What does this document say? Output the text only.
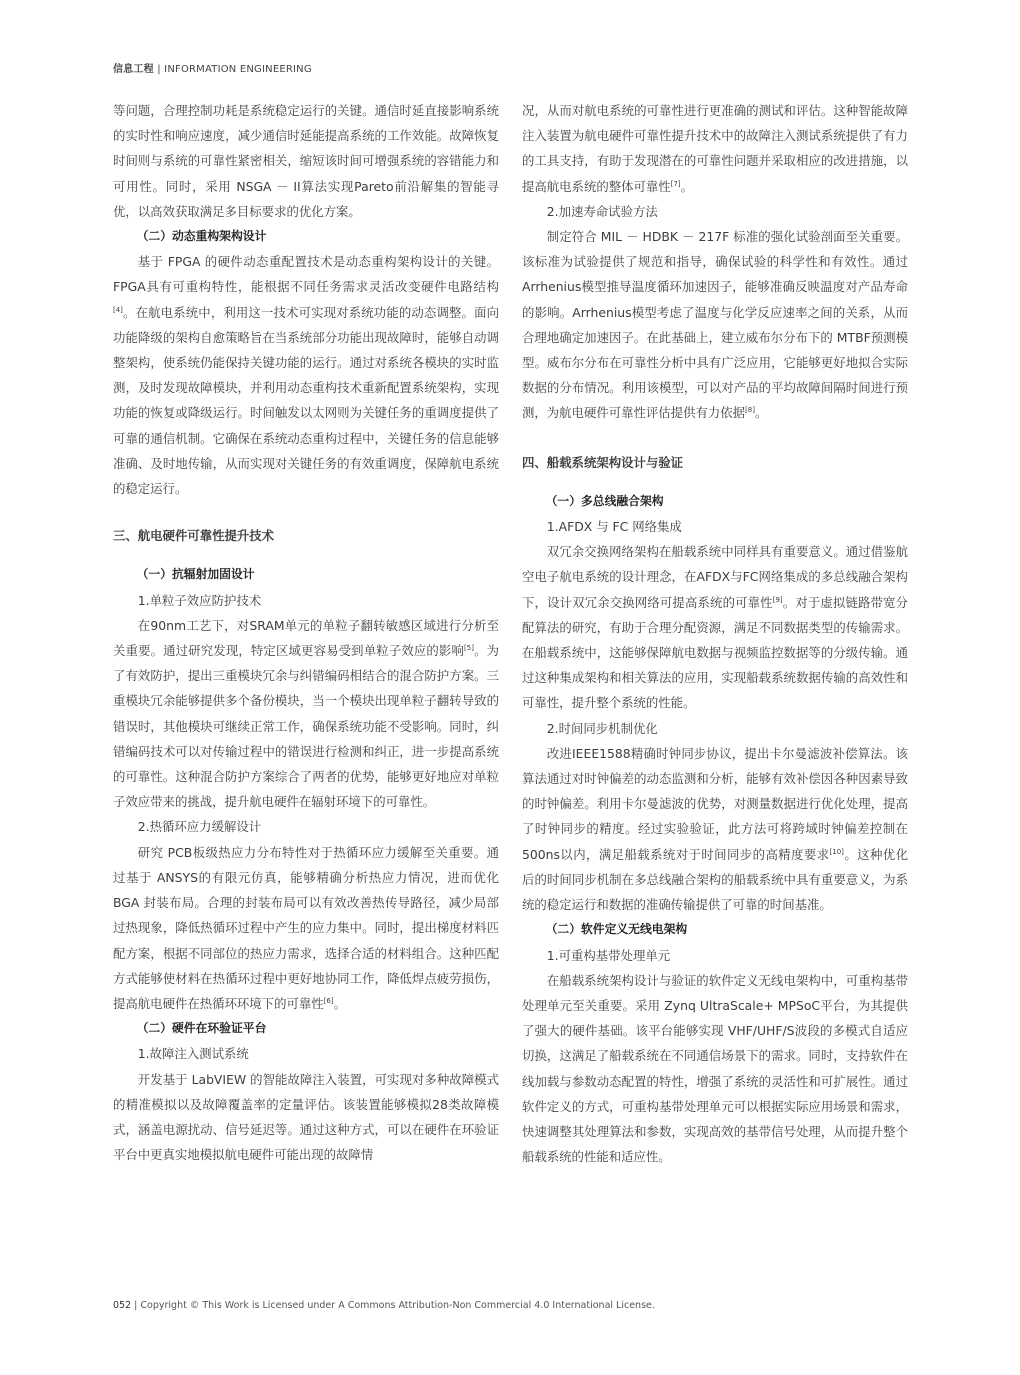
信息工程 | INFORMATION ENGINEERING

等问题，合理控制功耗是系统稳定运行的关键。通信时延直接影响系统的实时性和响应速度，减少通信时延能提高系统的工作效能。故障恢复时间则与系统的可靠性紧密相关，缩短该时间可增强系统的容错能力和可用性。同时，采用 NSGA － II算法实现Pareto前沿解集的智能寻优，以高效获取满足多目标要求的优化方案。

（二）动态重构架构设计

基于 FPGA 的硬件动态重配置技术是动态重构架构设计的关键。FPGA具有可重构特性，能根据不同任务需求灵活改变硬件电路结构[4]。在航电系统中，利用这一技术可实现对系统功能的动态调整。面向功能降级的架构自愈策略旨在当系统部分功能出现故障时，能够自动调整架构，使系统仍能保持关键功能的运行。通过对系统各模块的实时监测，及时发现故障模块，并利用动态重构技术重新配置系统架构，实现功能的恢复或降级运行。时间触发以太网则为关键任务的重调度提供了可靠的通信机制。它确保在系统动态重构过程中，关键任务的信息能够准确、及时地传输，从而实现对关键任务的有效重调度，保障航电系统的稳定运行。

三、航电硬件可靠性提升技术

（一）抗辐射加固设计

1.单粒子效应防护技术

在90nm工艺下，对SRAM单元的单粒子翻转敏感区域进行分析至关重要。通过研究发现，特定区域更容易受到单粒子效应的影响[5]。为了有效防护，提出三重模块冗余与纠错编码相结合的混合防护方案。三重模块冗余能够提供多个备份模块，当一个模块出现单粒子翻转导致的错误时，其他模块可继续正常工作，确保系统功能不受影响。同时，纠错编码技术可以对传输过程中的错误进行检测和纠正，进一步提高系统的可靠性。这种混合防护方案综合了两者的优势，能够更好地应对单粒子效应带来的挑战，提升航电硬件在辐射环境下的可靠性。

2.热循环应力缓解设计

研究 PCB板级热应力分布特性对于热循环应力缓解至关重要。通过基于 ANSYS的有限元仿真，能够精确分析热应力情况，进而优化 BGA 封装布局。合理的封装布局可以有效改善热传导路径，减少局部过热现象，降低热循环过程中产生的应力集中。同时，提出梯度材料匹配方案，根据不同部位的热应力需求，选择合适的材料组合。这种匹配方式能够使材料在热循环过程中更好地协同工作，降低焊点疲劳损伤，提高航电硬件在热循环环境下的可靠性[6]。

（二）硬件在环验证平台

1.故障注入测试系统

开发基于 LabVIEW 的智能故障注入装置，可实现对多种故障模式的精准模拟以及故障覆盖率的定量评估。该装置能够模拟28类故障模式，涵盖电源扰动、信号延迟等。通过这种方式，可以在硬件在环验证平台中更真实地模拟航电硬件可能出现的故障情

况，从而对航电系统的可靠性进行更准确的测试和评估。这种智能故障注入装置为航电硬件可靠性提升技术中的故障注入测试系统提供了有力的工具支持，有助于发现潜在的可靠性问题并采取相应的改进措施，以提高航电系统的整体可靠性[7]。

2.加速寿命试验方法

制定符合 MIL － HDBK － 217F 标准的强化试验剖面至关重要。该标准为试验提供了规范和指导，确保试验的科学性和有效性。通过 Arrhenius模型推导温度循环加速因子，能够准确反映温度对产品寿命的影响。Arrhenius模型考虑了温度与化学反应速率之间的关系，从而合理地确定加速因子。在此基础上，建立威布尔分布下的 MTBF预测模型。威布尔分布在可靠性分析中具有广泛应用，它能够更好地拟合实际数据的分布情况。利用该模型，可以对产品的平均故障间隔时间进行预测，为航电硬件可靠性评估提供有力依据[8]。

四、船载系统架构设计与验证

（一）多总线融合架构

1.AFDX 与 FC 网络集成

双冗余交换网络架构在船载系统中同样具有重要意义。通过借鉴航空电子航电系统的设计理念，在AFDX与FC网络集成的多总线融合架构下，设计双冗余交换网络可提高系统的可靠性[9]。对于虚拟链路带宽分配算法的研究，有助于合理分配资源，满足不同数据类型的传输需求。在船载系统中，这能够保障航电数据与视频监控数据等的分级传输。通过这种集成架构和相关算法的应用，实现船载系统数据传输的高效性和可靠性，提升整个系统的性能。

2.时间同步机制优化

改进IEEE1588精确时钟同步协议，提出卡尔曼滤波补偿算法。该算法通过对时钟偏差的动态监测和分析，能够有效补偿因各种因素导致的时钟偏差。利用卡尔曼滤波的优势，对测量数据进行优化处理，提高了时钟同步的精度。经过实验验证，此方法可将跨域时钟偏差控制在500ns以内，满足船载系统对于时间同步的高精度要求[10]。这种优化后的时间同步机制在多总线融合架构的船载系统中具有重要意义，为系统的稳定运行和数据的准确传输提供了可靠的时间基准。

（二）软件定义无线电架构

1.可重构基带处理单元

在船载系统架构设计与验证的软件定义无线电架构中，可重构基带处理单元至关重要。采用 Zynq UltraScale+ MPSoC平台，为其提供了强大的硬件基础。该平台能够实现 VHF/UHF/S波段的多模式自适应切换，这满足了船载系统在不同通信场景下的需求。同时，支持软件在线加载与参数动态配置的特性，增强了系统的灵活性和可扩展性。通过软件定义的方式，可重构基带处理单元可以根据实际应用场景和需求，快速调整其处理算法和参数，实现高效的基带信号处理，从而提升整个船载系统的性能和适应性。

052 | Copyright © This Work is Licensed under A Commons Attribution-Non Commercial 4.0 International License.
